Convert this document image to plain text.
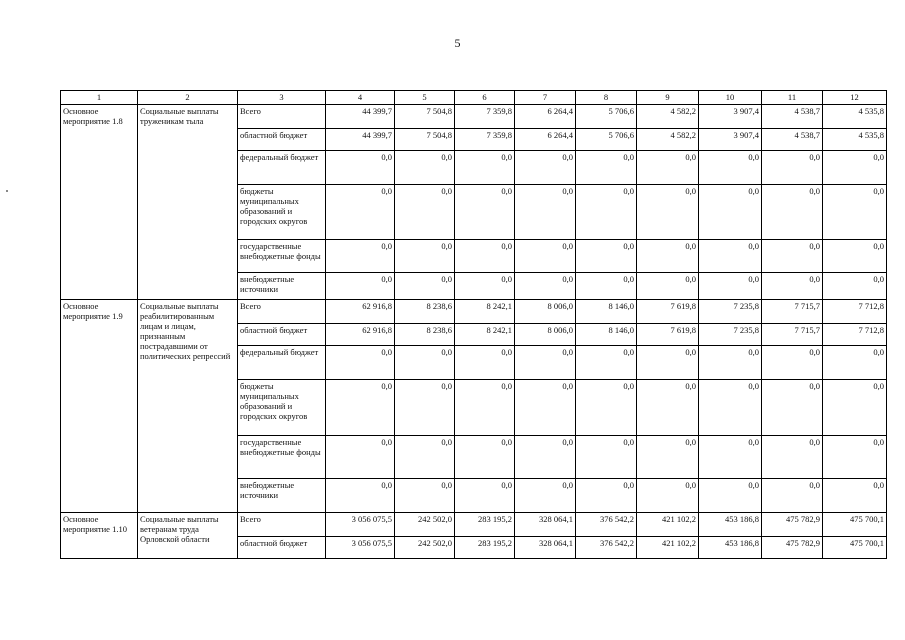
5
1	2	3	4	5	6	7	8	9	10	11	12
Основное мероприятие 1.8	Социальные выплаты труженикам тыла	Всего	44 399,7	7 504,8	7 359,8	6 264,4	5 706,6	4 582,2	3 907,4	4 538,7	4 535,8
		областной бюджет	44 399,7	7 504,8	7 359,8	6 264,4	5 706,6	4 582,2	3 907,4	4 538,7	4 535,8
		федеральный бюджет	0,0	0,0	0,0	0,0	0,0	0,0	0,0	0,0	0,0
		бюджеты муниципальных образований и городских округов	0,0	0,0	0,0	0,0	0,0	0,0	0,0	0,0	0,0
		государственные внебюджетные фонды	0,0	0,0	0,0	0,0	0,0	0,0	0,0	0,0	0,0
		внебюджетные источники	0,0	0,0	0,0	0,0	0,0	0,0	0,0	0,0	0,0
Основное мероприятие 1.9	Социальные выплаты реабилитированным лицам и лицам, признанным пострадавшими от политических репрессий	Всего	62 916,8	8 238,6	8 242,1	8 006,0	8 146,0	7 619,8	7 235,8	7 715,7	7 712,8
		областной бюджет	62 916,8	8 238,6	8 242,1	8 006,0	8 146,0	7 619,8	7 235,8	7 715,7	7 712,8
		федеральный бюджет	0,0	0,0	0,0	0,0	0,0	0,0	0,0	0,0	0,0
		бюджеты муниципальных образований и городских округов	0,0	0,0	0,0	0,0	0,0	0,0	0,0	0,0	0,0
		государственные внебюджетные фонды	0,0	0,0	0,0	0,0	0,0	0,0	0,0	0,0	0,0
		внебюджетные источники	0,0	0,0	0,0	0,0	0,0	0,0	0,0	0,0	0,0
Основное мероприятие 1.10	Социальные выплаты ветеранам труда Орловской области	Всего	3 056 075,5	242 502,0	283 195,2	328 064,1	376 542,2	421 102,2	453 186,8	475 782,9	475 700,1
		областной бюджет	3 056 075,5	242 502,0	283 195,2	328 064,1	376 542,2	421 102,2	453 186,8	475 782,9	475 700,1
